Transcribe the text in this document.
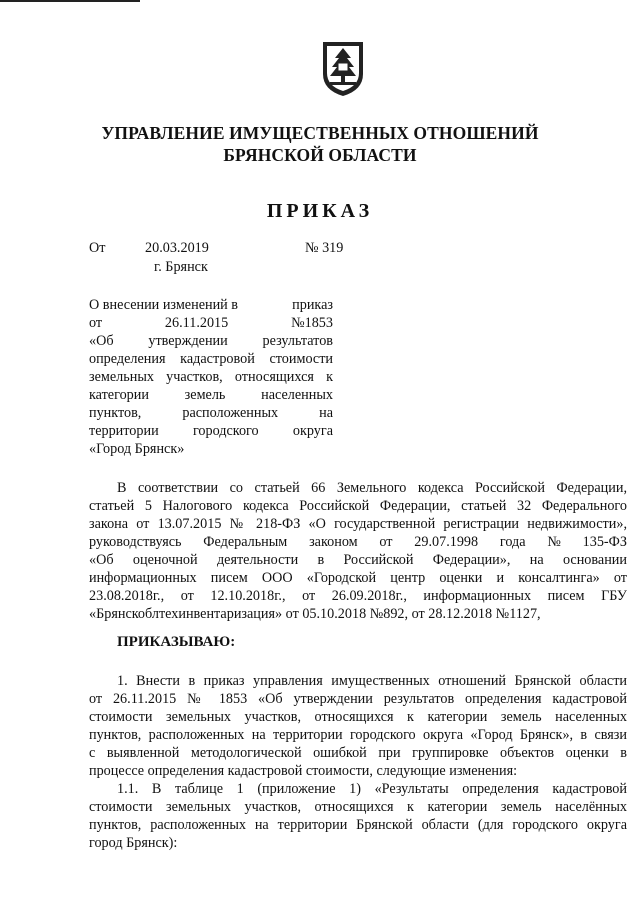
УПРАВЛЕНИЕ ИМУЩЕСТВЕННЫХ ОТНОШЕНИЙ
БРЯНСКОЙ ОБЛАСТИ
ПРИКАЗ
От	20.03.2019	№ 319
г. Брянск
О внесении изменений в	приказ
от	26.11.2015	№1853
«Об утверждении результатов
определения кадастровой стоимости
земельных участков, относящихся к
категории	земель	населенных
пунктов,	расположенных	на
территории городского округа
«Город Брянск»
В соответствии со статьей 66 Земельного кодекса Российской Федерации,
статьей 5 Налогового кодекса Российской Федерации, статьей 32 Федерального
закона от 13.07.2015 № 218-ФЗ «О государственной регистрации недвижимости»,
руководствуясь Федеральным законом от 29.07.1998 года № 135-ФЗ
«Об оценочной деятельности в Российской Федерации», на основании
информационных писем ООО «Городской центр оценки и консалтинга» от
23.08.2018г., от 12.10.2018г., от 26.09.2018г., информационных писем ГБУ
«Брянскоблтехинвентаризация» от 05.10.2018 №892, от 28.12.2018 №1127,
ПРИКАЗЫВАЮ:
1. Внести в приказ управления имущественных отношений Брянской области
от 26.11.2015 № 1853 «Об утверждении результатов определения кадастровой
стоимости земельных участков, относящихся к категории земель населенных
пунктов, расположенных на территории городского округа «Город Брянск», в связи
с выявленной методологической ошибкой при группировке объектов оценки в
процессе определения кадастровой стоимости, следующие изменения:
1.1. В таблице 1 (приложение 1) «Результаты определения кадастровой
стоимости земельных участков, относящихся к категории земель населённых
пунктов, расположенных на территории Брянской области (для городского округа
город Брянск):
